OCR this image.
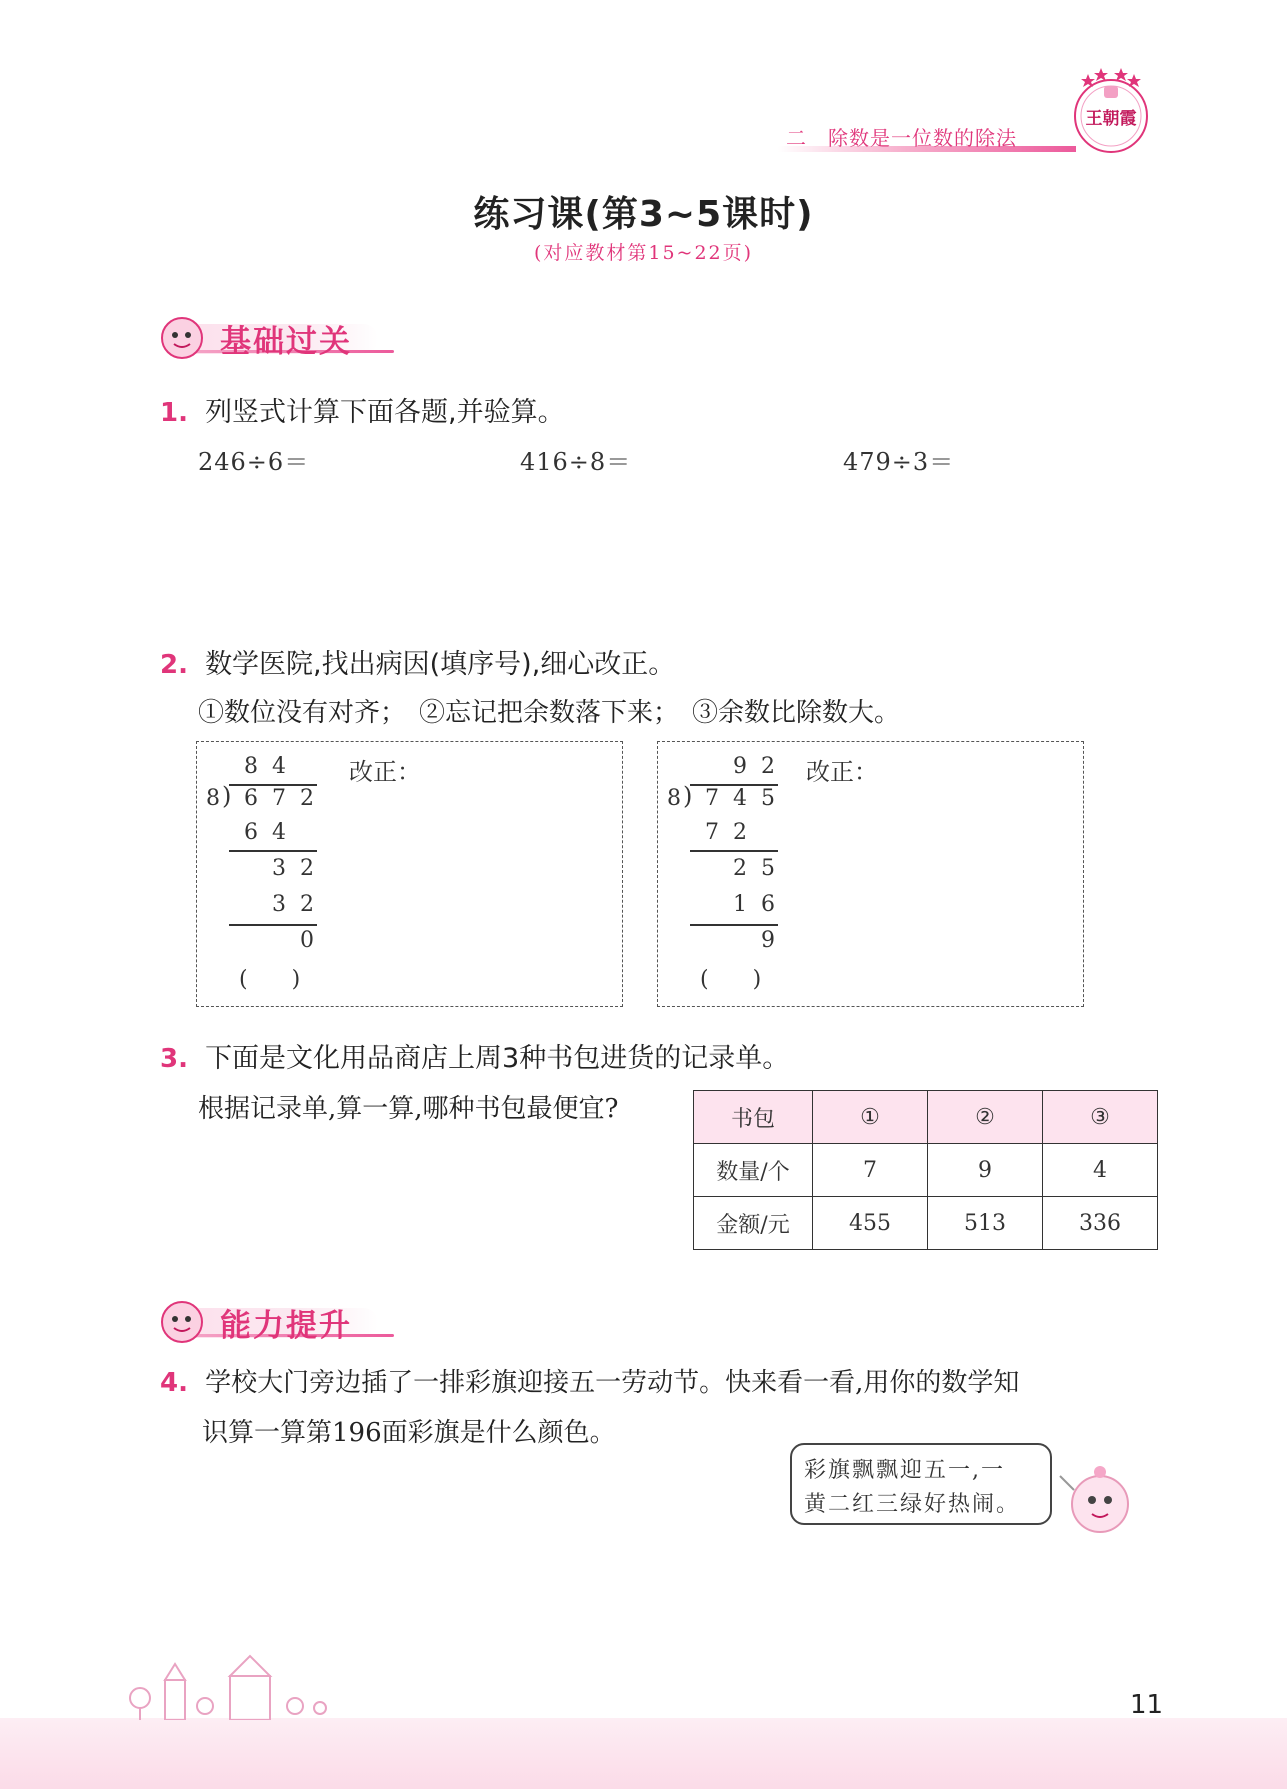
二　除数是一位数的除法
王朝霞
练习课(第3~5课时)
(对应教材第15~22页)
基础过关
1. 列竖式计算下面各题,并验算。
246÷6＝	416÷8＝	479÷3＝
2. 数学医院,找出病因(填序号),细心改正。
①数位没有对齐；　②忘记把余数落下来；　③余数比除数大。
8 4
8 ) 6 7 2
6 4
3 2
3 2
0
(　　)
改正：	9 2
8 ) 7 4 5
7 2
2 5
1 6
9
(　　)
改正：
3. 下面是文化用品商店上周3种书包进货的记录单。
根据记录单,算一算,哪种书包最便宜?	书包	①	②	③
数量/个	7	9	4
金额/元	455	513	336
能力提升
4. 学校大门旁边插了一排彩旗迎接五一劳动节。快来看一看,用你的数学知
识算一算第196面彩旗是什么颜色。
彩旗飘飘迎五一,一
黄二红三绿好热闹。
11
